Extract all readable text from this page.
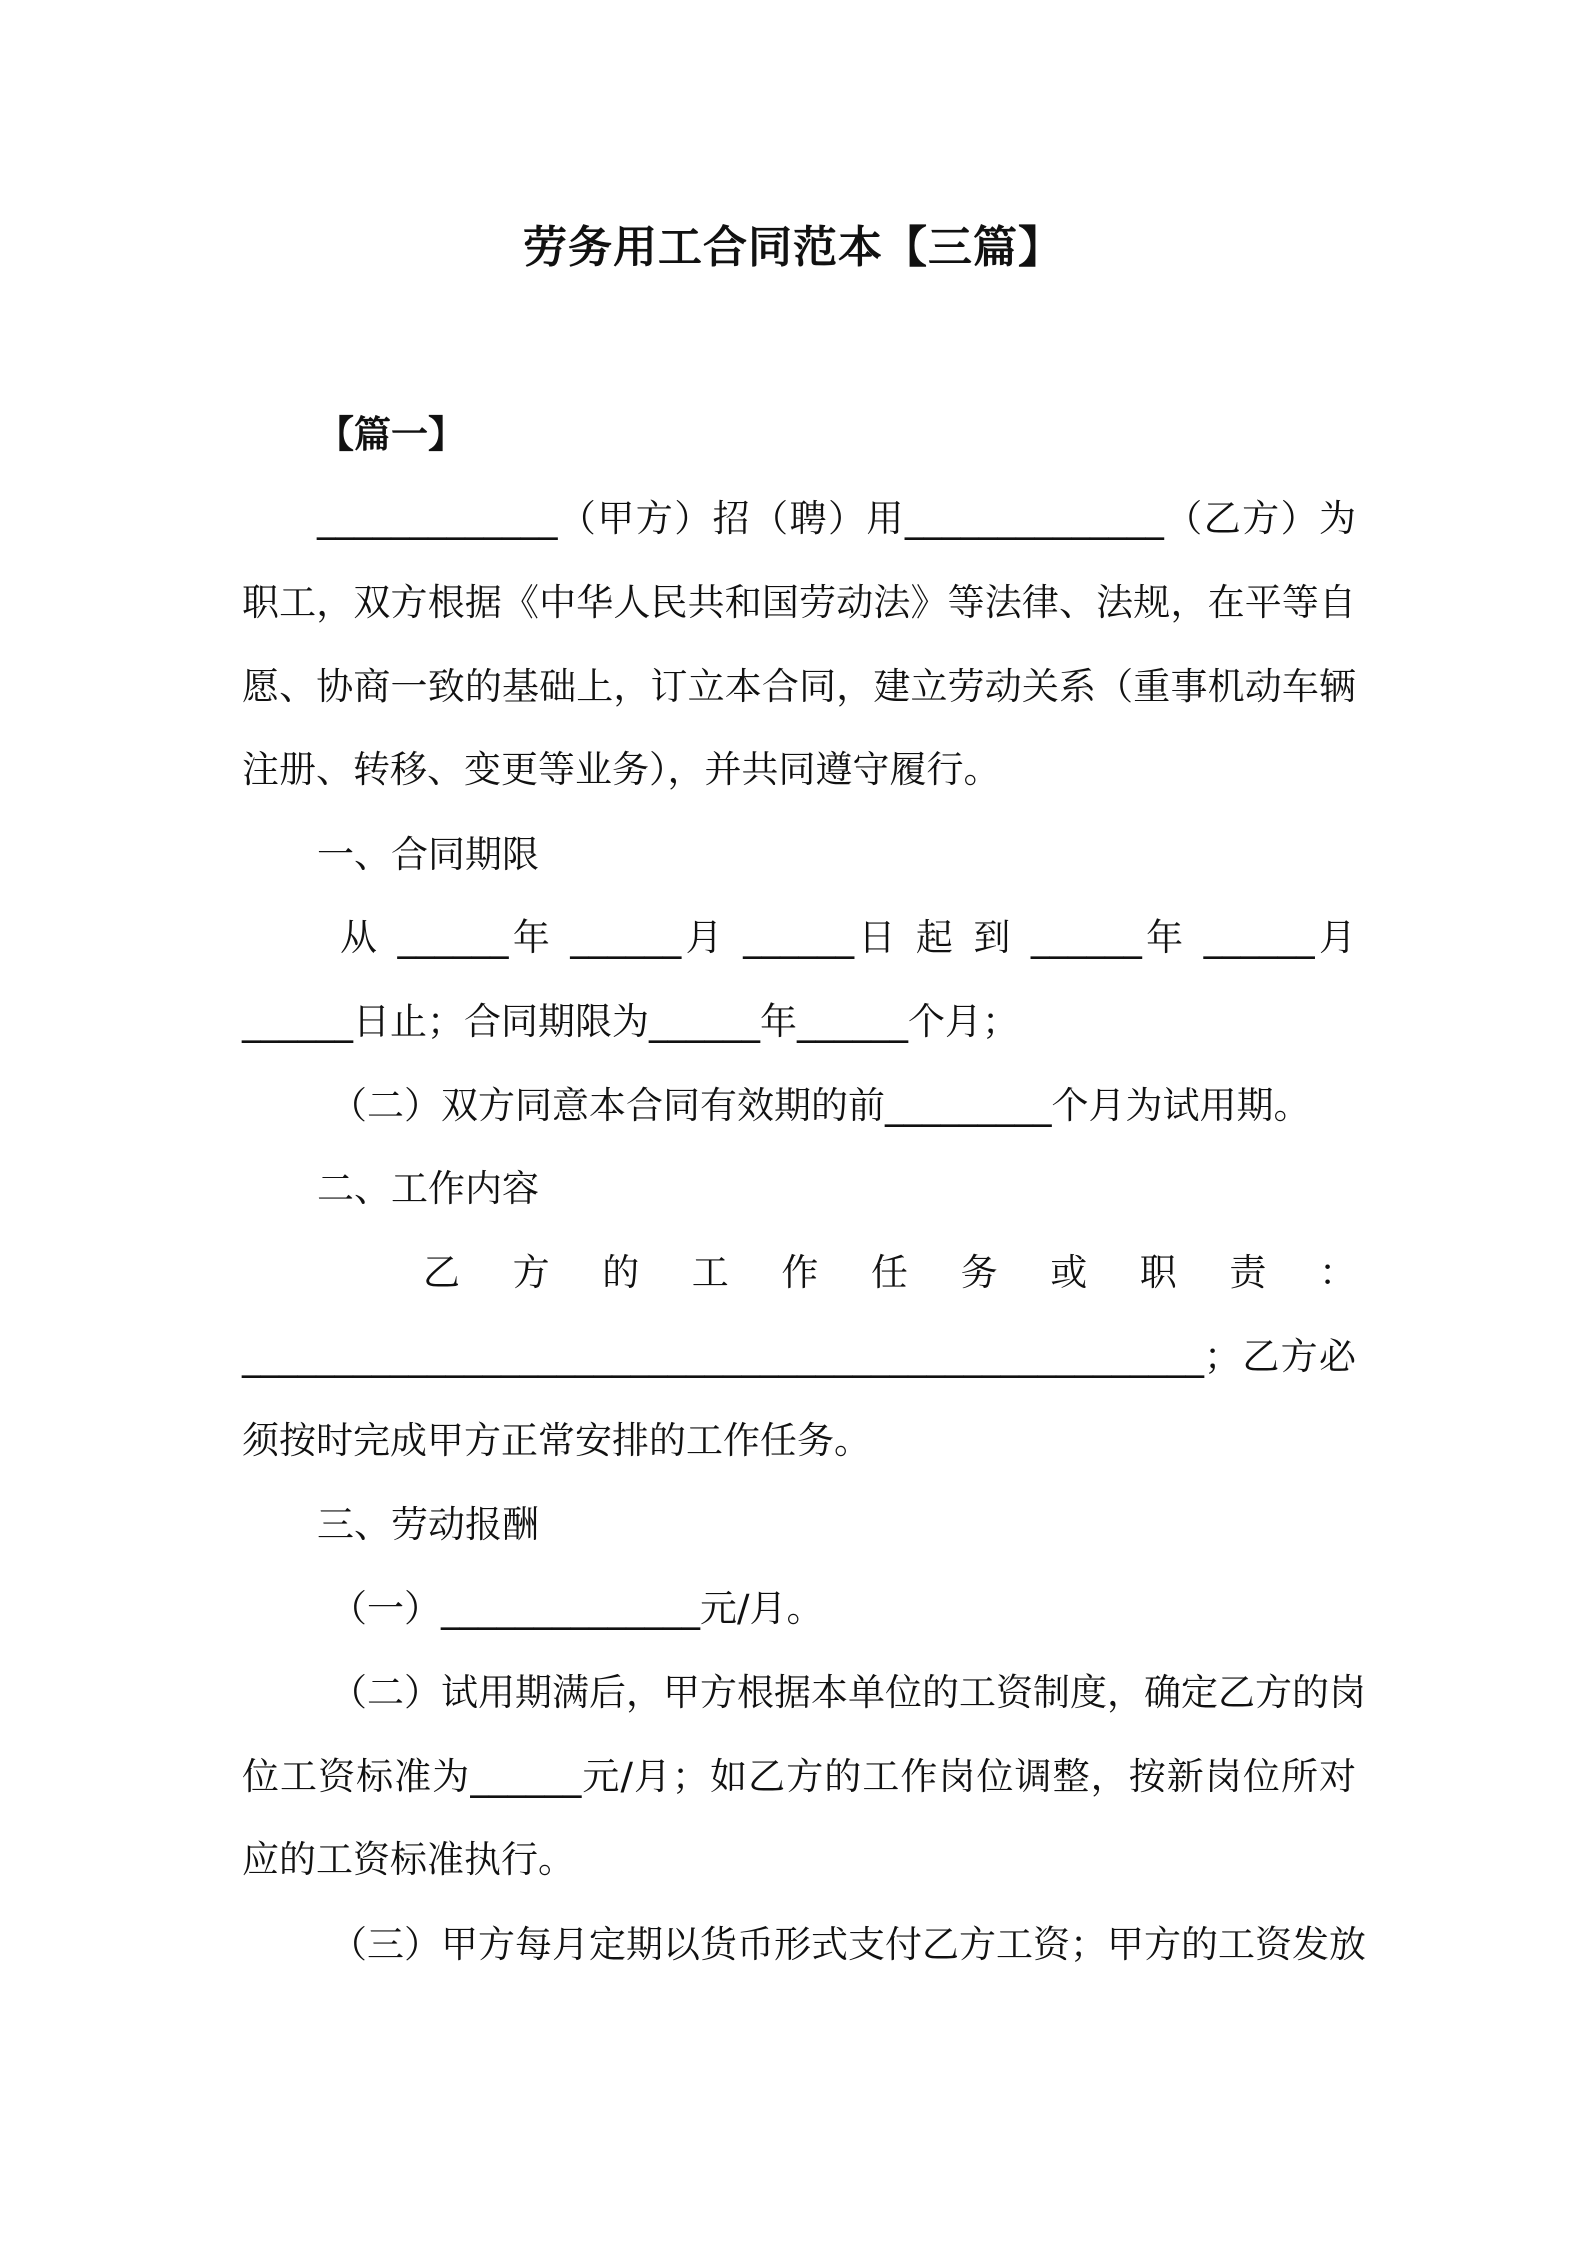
劳务用工合同范本【三篇】
【篇一】
_____________（甲方）招（聘）用______________（乙方）为
职工，双方根据《中华人民共和国劳动法》等法律、法规，在平等自
愿、协商一致的基础上，订立本合同，建立劳动关系（重事机动车辆
注册、转移、变更等业务），并共同遵守履行。
一、合同期限
从 ______年 ______月 ______日 起 到 ______年 ______月
______日止；合同期限为______年______个月；
（二）双方同意本合同有效期的前_________个月为试用期。
二、工作内容
乙　方　的　工　作　任　务　或　职　责　：
____________________________________________________；乙方必
须按时完成甲方正常安排的工作任务。
三、劳动报酬
（一）______________元/月。
（二）试用期满后，甲方根据本单位的工资制度，确定乙方的岗
位工资标准为______元/月；如乙方的工作岗位调整，按新岗位所对
应的工资标准执行。
（三）甲方每月定期以货币形式支付乙方工资；甲方的工资发放
